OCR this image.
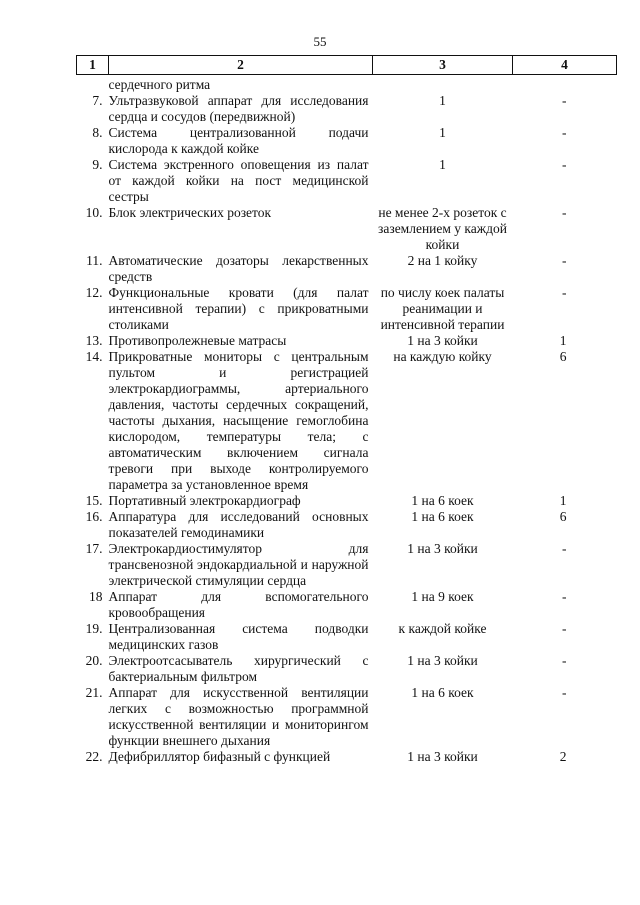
55
1	2	3	4
	сердечного ритма		
7.	Ультразвуковой аппарат для исследования сердца и сосудов (передвижной)	1	-
8.	Система централизованной подачи кислорода к каждой койке	1	-
9.	Система экстренного оповещения из палат от каждой койки на пост медицинской сестры	1	-
10.	Блок электрических розеток	не менее 2-х розеток с заземлением у каждой койки	-
11.	Автоматические дозаторы лекарственных средств	2 на 1 койку	-
12.	Функциональные кровати (для палат интенсивной терапии) с прикроватными столиками	по числу коек палаты реанимации и интенсивной терапии	-
13.	Противопролежневые матрасы	1 на 3 койки	1
14.	Прикроватные мониторы с центральным пультом и регистрацией электрокардиограммы, артериального давления, частоты сердечных сокращений, частоты дыхания, насыщение гемоглобина кислородом, температуры тела; с автоматическим включением сигнала тревоги при выходе контролируемого параметра за установленное время	на каждую койку	6
15.	Портативный электрокардиограф	1 на 6 коек	1
16.	Аппаратура для исследований основных показателей гемодинамики	1 на 6 коек	6
17.	Электрокардиостимулятор для трансвенозной эндокардиальной и наружной электрической стимуляции сердца	1 на 3 койки	-
18	Аппарат для вспомогательного кровообращения	1 на 9 коек	-
19.	Централизованная система подводки медицинских газов	к каждой койке	-
20.	Электроотсасыватель хирургический с бактериальным фильтром	1 на 3 койки	-
21.	Аппарат для искусственной вентиляции легких с возможностью программной искусственной вентиляции и мониторингом функции внешнего дыхания	1 на 6 коек	-
22.	Дефибриллятор бифазный с функцией	1 на 3 койки	2
